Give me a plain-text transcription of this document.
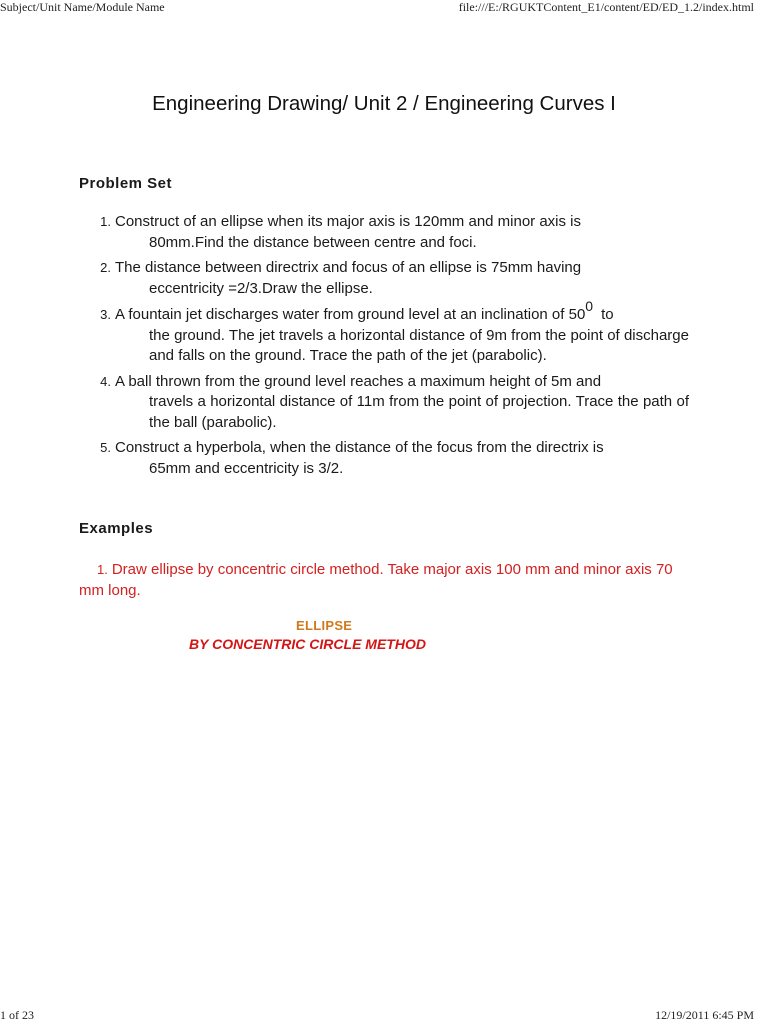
Subject/Unit Name/Module Name	file:///E:/RGUKTContent_E1/content/ED/ED_1.2/index.html
Engineering Drawing/ Unit 2 / Engineering Curves I
Problem Set
1. Construct of an ellipse when its major axis is 120mm and minor axis is
80mm.Find the distance between centre and foci.
2. The distance between directrix and focus of an ellipse is 75mm having
eccentricity =2/3.Draw the ellipse.
3. A fountain jet discharges water from ground level at an inclination of 500 to
the ground. The jet travels a horizontal distance of 9m from the point of discharge and falls on the ground. Trace the path of the jet (parabolic).
4. A ball thrown from the ground level reaches a maximum height of 5m and
travels a horizontal distance of 11m from the point of projection. Trace the path of the ball (parabolic).
5. Construct a hyperbola, when the distance of the focus from the directrix is
65mm and eccentricity is 3/2.
Examples
1. Draw ellipse by concentric circle method. Take major axis 100 mm and minor axis 70 mm long.
ELLIPSE
BY CONCENTRIC CIRCLE METHOD
1 of 23	12/19/2011 6:45 PM
